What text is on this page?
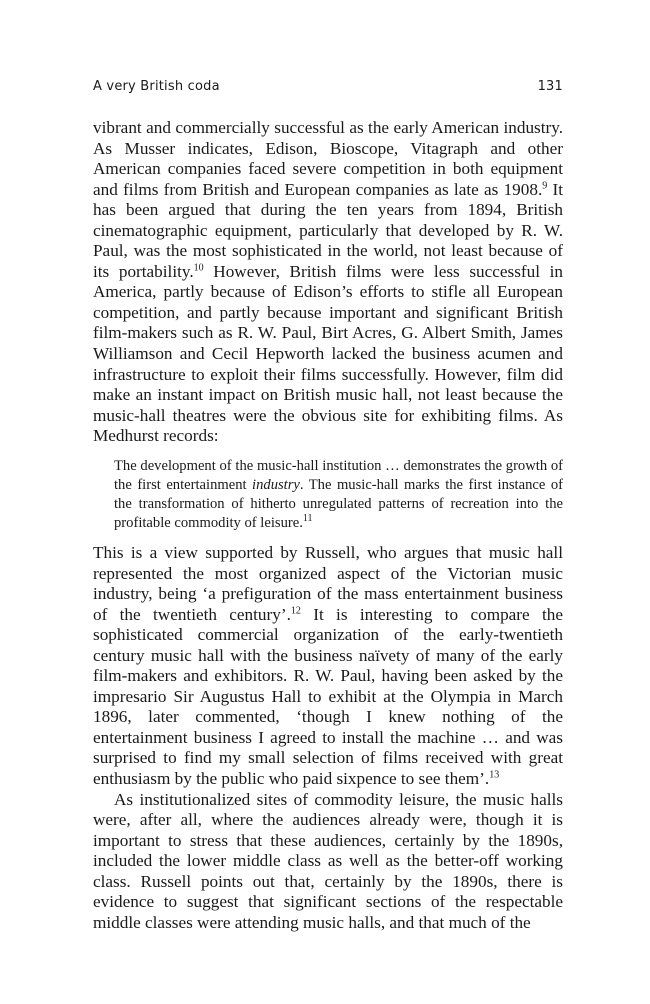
A very British coda	131

vibrant and commercially successful as the early American industry. As Musser indicates, Edison, Bioscope, Vitagraph and other American companies faced severe competition in both equipment and films from British and European companies as late as 1908.$^9$ It has been argued that during the ten years from 1894, British cinematographic equipment, particularly that developed by R. W. Paul, was the most sophisticated in the world, not least because of its portability.$^{10}$ However, British films were less successful in America, partly because of Edison’s efforts to stifle all European competition, and partly because important and significant British film-makers such as R. W. Paul, Birt Acres, G. Albert Smith, James Williamson and Cecil Hepworth lacked the business acumen and infrastructure to exploit their films successfully. However, film did make an instant impact on British music hall, not least because the music-hall theatres were the obvious site for exhibiting films. As Medhurst records:

The development of the music-hall institution … demonstrates the growth of the first entertainment industry. The music-hall marks the first instance of the transformation of hitherto unregulated patterns of recreation into the profitable commodity of leisure.$^{11}$

This is a view supported by Russell, who argues that music hall represented the most organized aspect of the Victorian music industry, being ‘a prefiguration of the mass entertainment business of the twentieth century’.$^{12}$ It is interesting to compare the sophisticated commercial organization of the early-twentieth century music hall with the business naïvety of many of the early film-makers and exhibitors. R. W. Paul, having been asked by the impresario Sir Augustus Hall to exhibit at the Olympia in March 1896, later commented, ‘though I knew nothing of the entertainment business I agreed to install the machine … and was surprised to find my small selection of films received with great enthusiasm by the public who paid sixpence to see them’.$^{13}$

As institutionalized sites of commodity leisure, the music halls were, after all, where the audiences already were, though it is important to stress that these audiences, certainly by the 1890s, included the lower middle class as well as the better-off working class. Russell points out that, certainly by the 1890s, there is evidence to suggest that significant sections of the respectable middle classes were attending music halls, and that much of the
